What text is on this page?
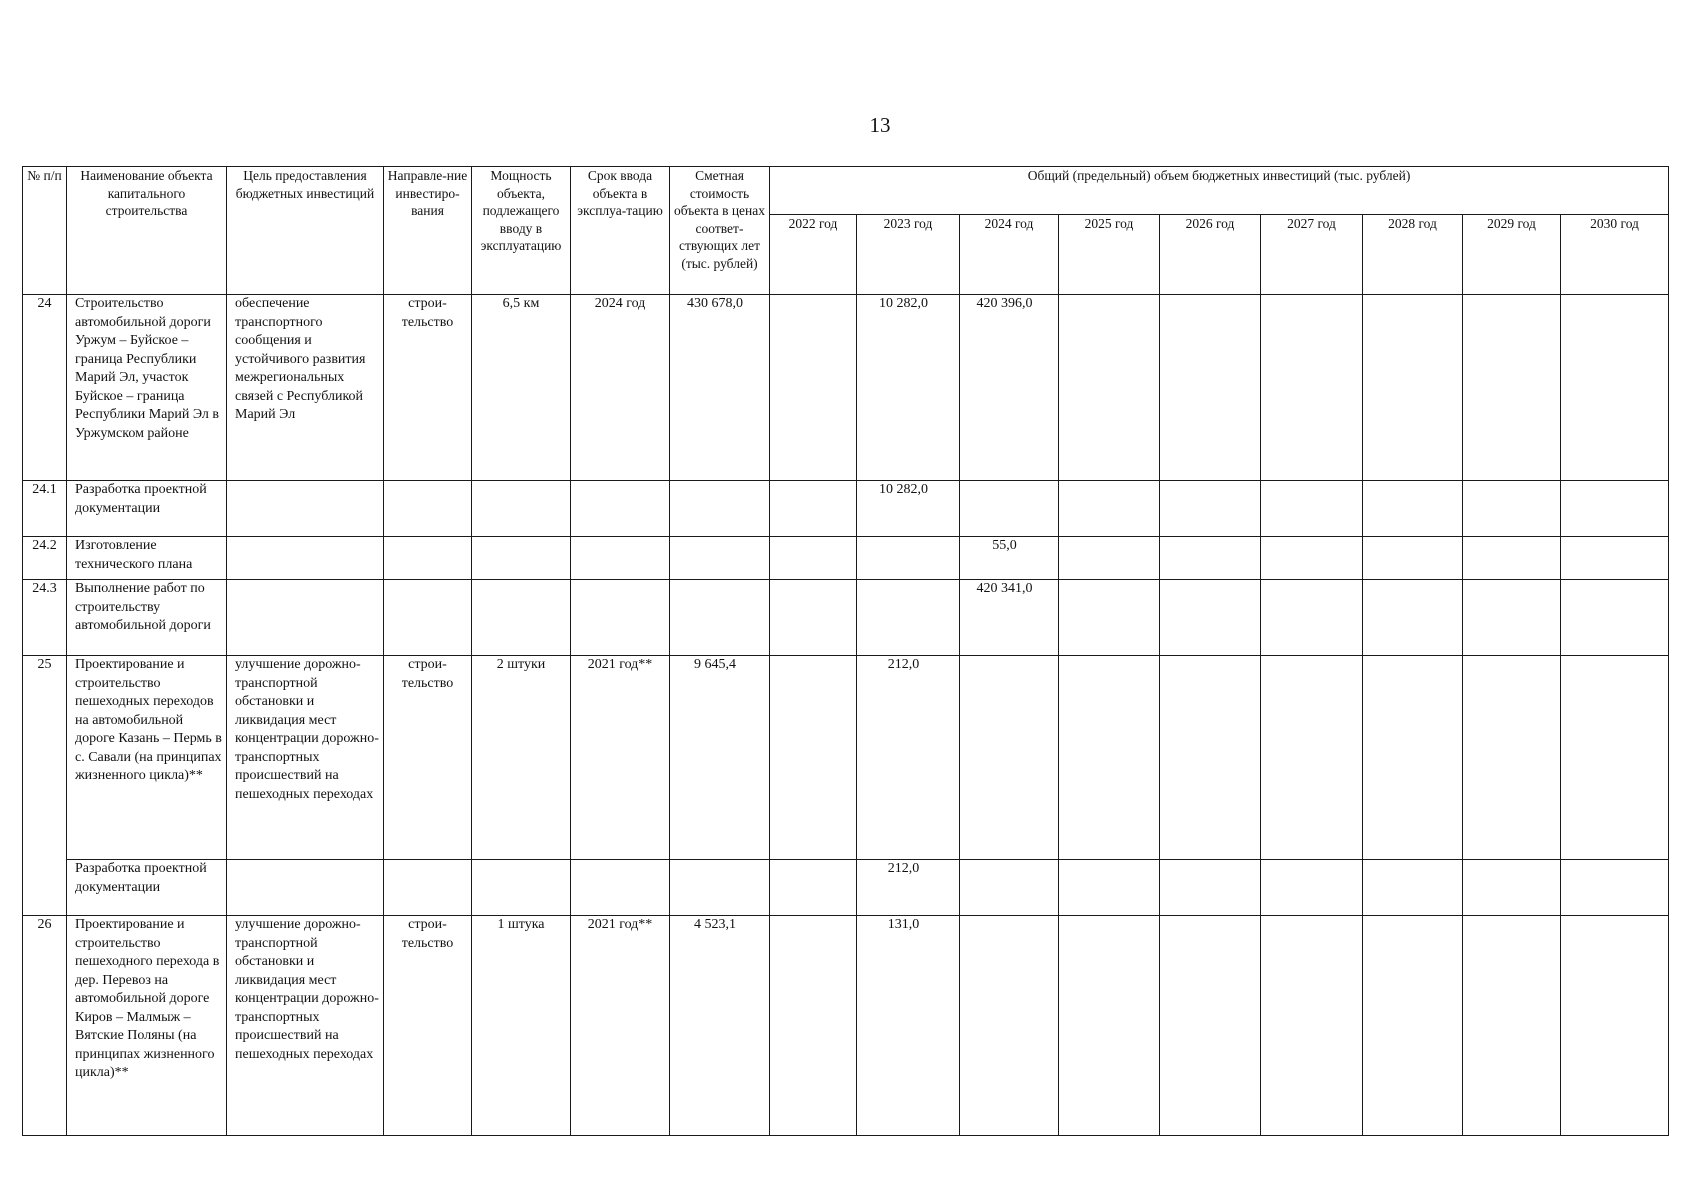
13
№ п/п	Наименование объекта капитального строительства	Цель предоставления бюджетных инвестиций	Направле-ние инвестиро-вания	Мощность объекта, подлежащего вводу в эксплуатацию	Срок ввода объекта в эксплуа-тацию	Сметная стоимость объекта в ценах соответ-ствующих лет (тыс. рублей)	Общий (предельный) объем бюджетных инвестиций (тыс. рублей)								
							2022 год	2023 год	2024 год	2025 год	2026 год	2027 год	2028 год	2029 год	2030 год
24	Строительство автомобильной дороги Уржум – Буйское – граница Республики Марий Эл, участок Буйское – граница Республики Марий Эл в Уржумском районе	обеспечение транспортного сообщения и устойчивого развития межрегиональных связей с Республикой Марий Эл	строи-тельство	6,5 км	2024 год	430 678,0		10 282,0	420 396,0						
24.1	Разработка проектной документации							10 282,0							
24.2	Изготовление технического плана								55,0						
24.3	Выполнение работ по строительству автомобильной дороги								420 341,0						
25	Проектирование и строительство пешеходных переходов на автомобильной дороге Казань – Пермь в с. Савали (на принципах жизненного цикла)**	улучшение дорожно-транспортной обстановки и ликвидация мест концентрации дорожно-транспортных происшествий на пешеходных переходах	строи-тельство	2 штуки	2021 год**	9 645,4		212,0							
	Разработка проектной документации							212,0							
26	Проектирование и строительство пешеходного перехода в дер. Перевоз на автомобильной дороге Киров – Малмыж – Вятские Поляны (на принципах жизненного цикла)**	улучшение дорожно-транспортной обстановки и ликвидация мест концентрации дорожно-транспортных происшествий на пешеходных переходах	строи-тельство	1 штука	2021 год**	4 523,1		131,0							
